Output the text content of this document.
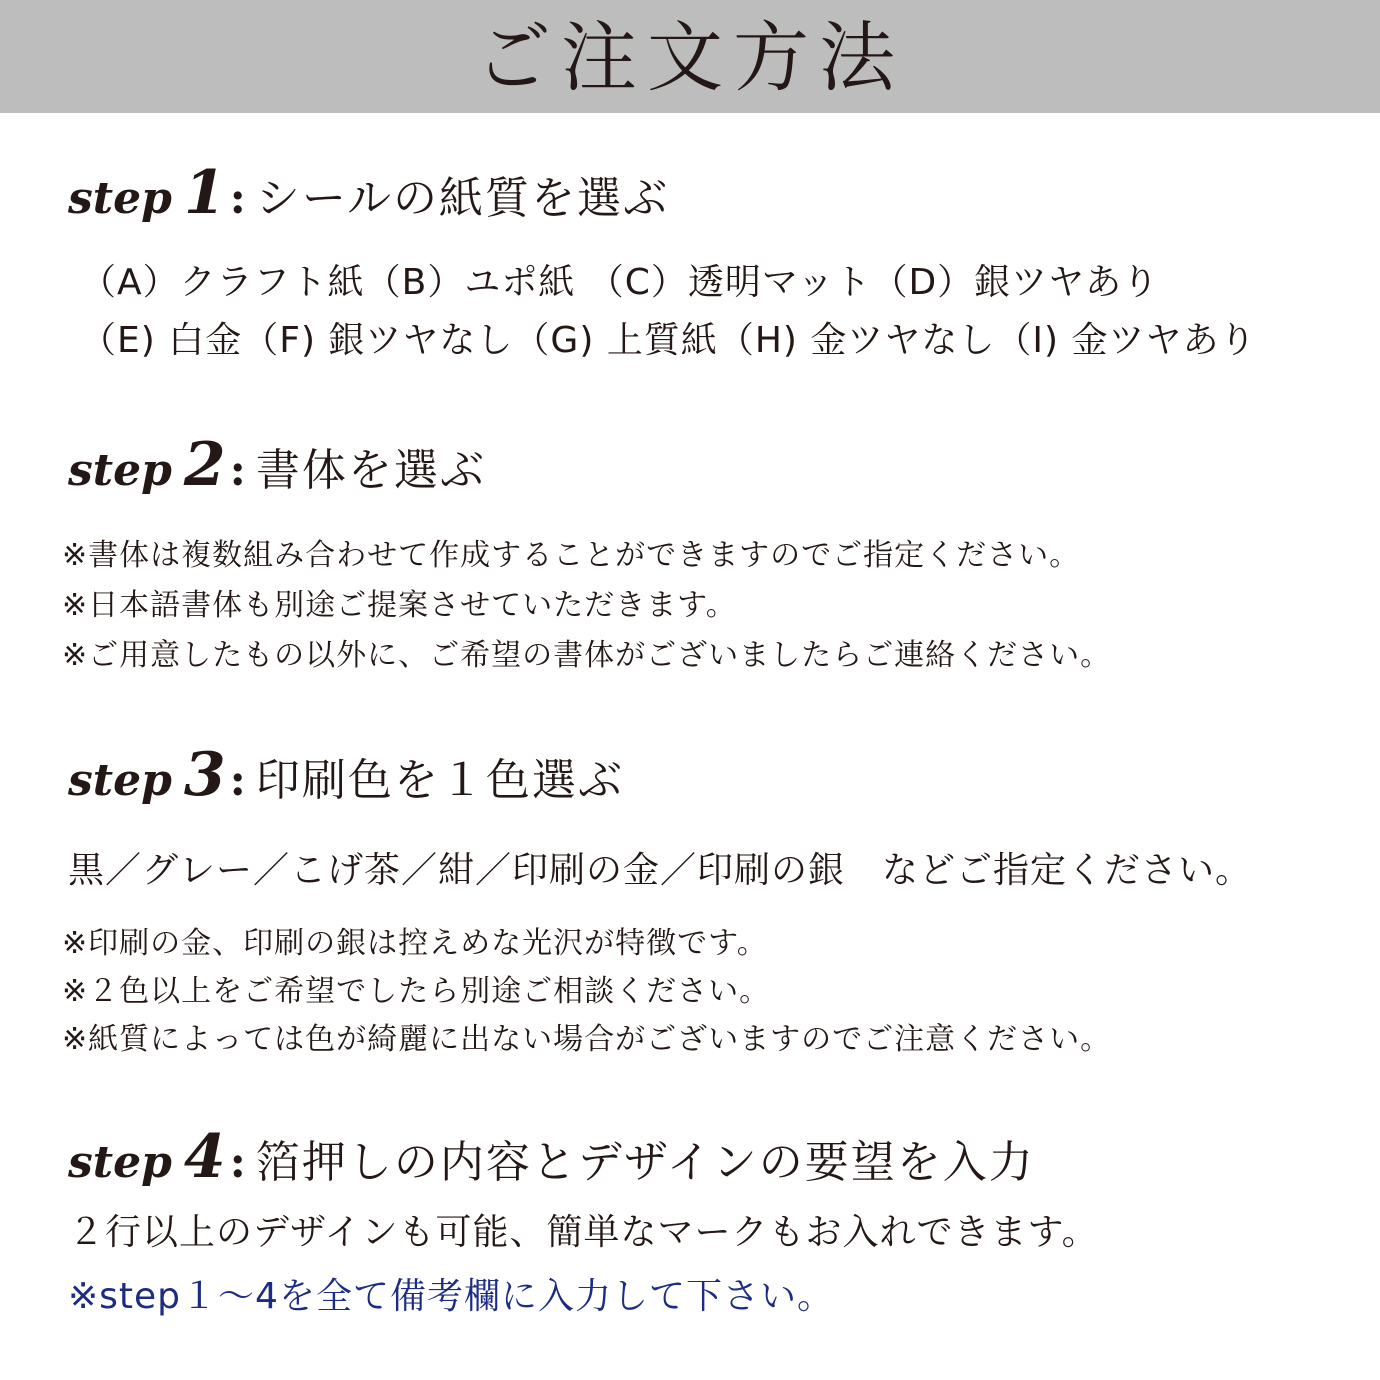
ご注文方法
step 1 : シールの紙質を選ぶ
（A）クラフト紙（B）ユポ紙 （C）透明マット（D）銀ツヤあり
（E) 白金（F) 銀ツヤなし（G) 上質紙（H) 金ツヤなし（I) 金ツヤあり
step 2 : 書体を選ぶ
※書体は複数組み合わせて作成することができますのでご指定ください。
※日本語書体も別途ご提案させていただきます。
※ご用意したもの以外に、ご希望の書体がございましたらご連絡ください。
step 3 : 印刷色を１色選ぶ
黒／グレー／こげ茶／紺／印刷の金／印刷の銀　などご指定ください。
※印刷の金、印刷の銀は控えめな光沢が特徴です。
※２色以上をご希望でしたら別途ご相談ください。
※紙質によっては色が綺麗に出ない場合がございますのでご注意ください。
step 4 : 箔押しの内容とデザインの要望を入力
２行以上のデザインも可能、簡単なマークもお入れできます。
※step１～4を全て備考欄に入力して下さい。
